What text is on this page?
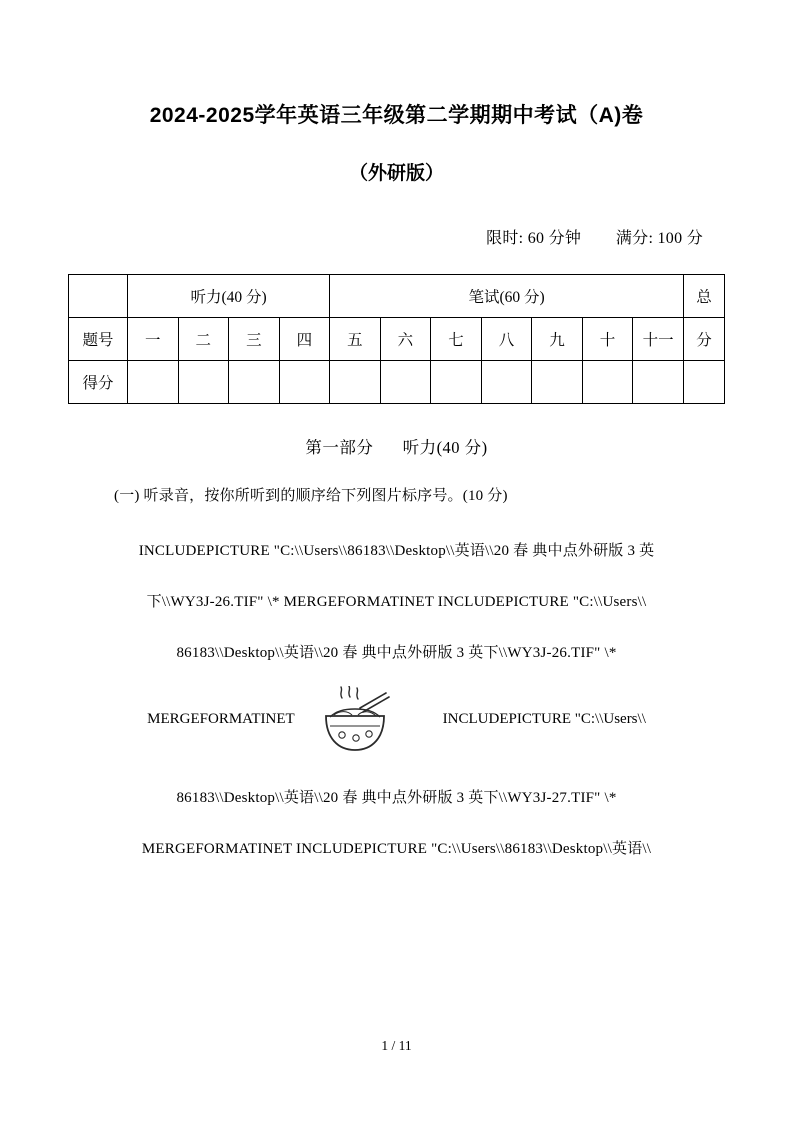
2024-2025学年英语三年级第二学期期中考试（A)卷
（外研版）
限时: 60 分钟 满分: 100 分
	听力(40 分)				笔试(60 分)							总
题号	一	二	三	四	五	六	七	八	九	十	十一	分
得分												
第一部分 听力(40 分)
(一) 听录音，按你所听到的顺序给下列图片标序号。(10 分)
INCLUDEPICTURE "C:\\Users\\86183\\Desktop\\英语\\20 春 典中点外研版 3 英
下\\WY3J-26.TIF" \* MERGEFORMATINET INCLUDEPICTURE "C:\\Users\\
86183\\Desktop\\英语\\20 春 典中点外研版 3 英下\\WY3J-26.TIF" \*
MERGEFORMATINET	INCLUDEPICTURE "C:\\Users\\
86183\\Desktop\\英语\\20 春 典中点外研版 3 英下\\WY3J-27.TIF" \*
MERGEFORMATINET INCLUDEPICTURE "C:\\Users\\86183\\Desktop\\英语\\
1 / 11
